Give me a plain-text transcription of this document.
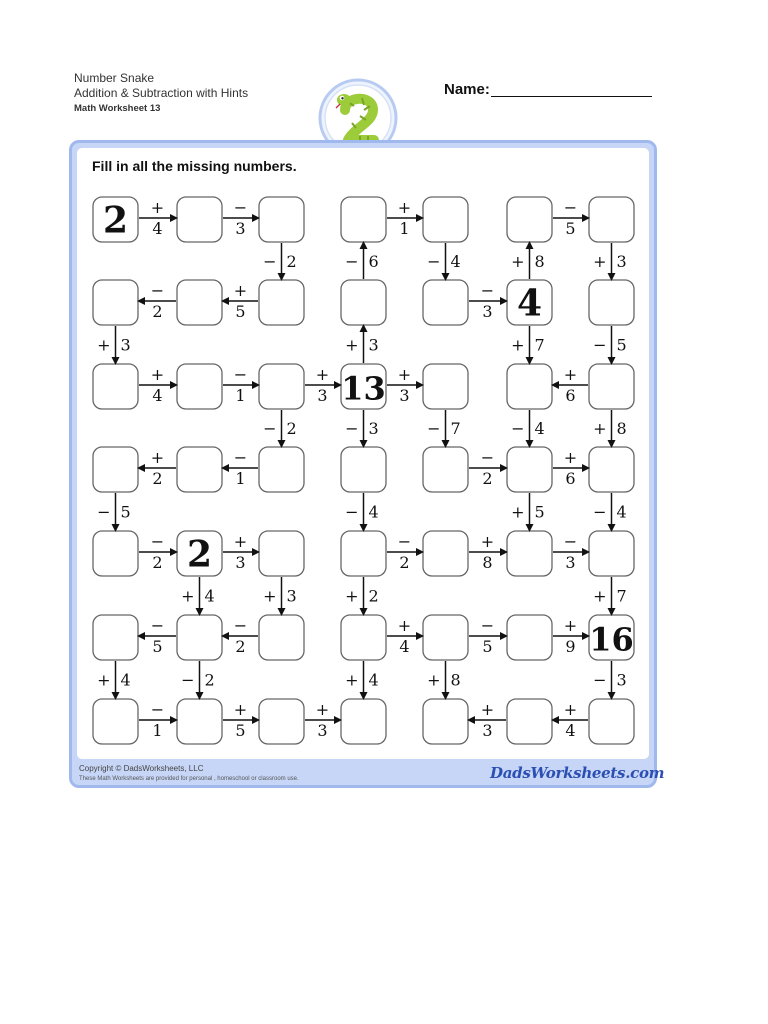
Number Snake
Addition & Subtraction with Hints
Math Worksheet 13
Name:
Fill in all the missing numbers.
2
4
13
2
16
+
4
−
3
+
1
−
5
−
2
+
5
−
3
+
4
−
1
+
3
+
3
+
6
+
2
−
1
−
2
+
6
−
2
+
3
−
2
+
8
−
3
−
5
−
2
+
4
−
5
+
9
−
1
+
5
+
3
+
3
+
4
− 2	− 6	− 4	+ 8	+ 3
+ 3	+ 3	+ 7	− 5
− 2	− 3	− 7	− 4	+ 8
− 5	− 4	+ 5	− 4
+ 4	+ 3	+ 2	+ 7
+ 4	− 2	+ 4	+ 8	− 3
Copyright © DadsWorksheets, LLC
These Math Worksheets are provided for personal , homeschool or classroom use.	DadsWorksheets.com
